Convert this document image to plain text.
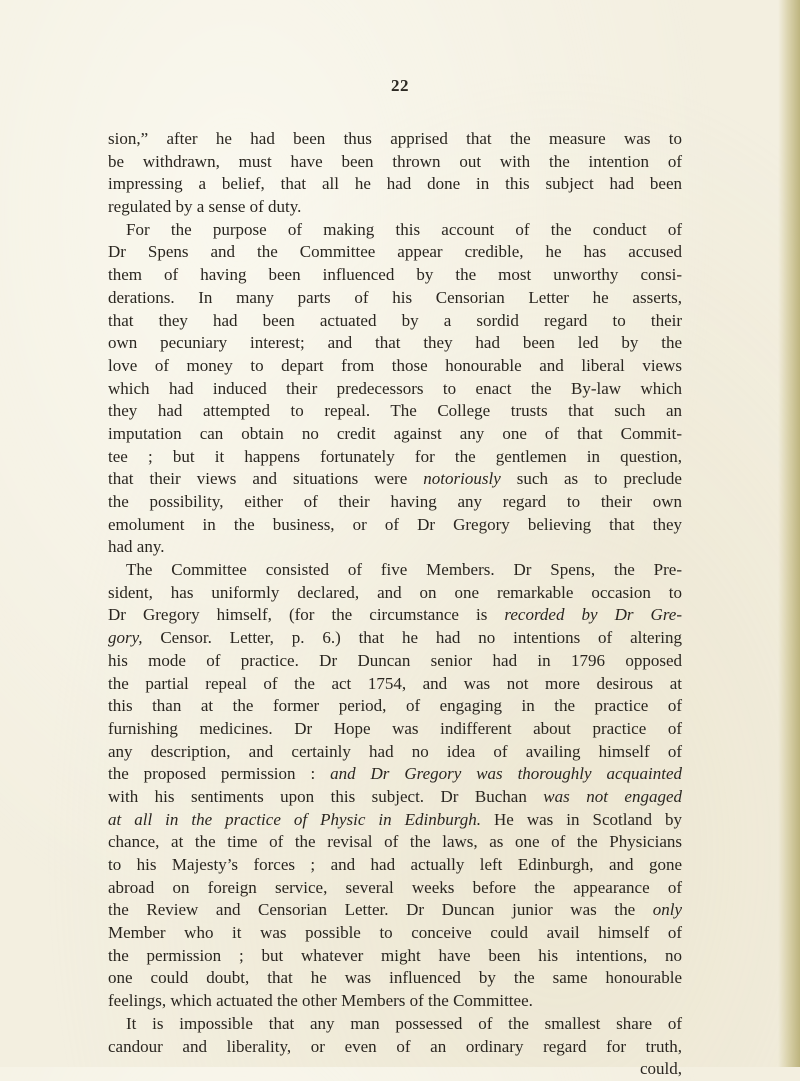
22
sion,” after he had been thus apprised that the measure was to
be withdrawn, must have been thrown out with the intention of
impressing a belief, that all he had done in this subject had been
regulated by a sense of duty.
For the purpose of making this account of the conduct of
Dr Spens and the Committee appear credible, he has accused
them of having been influenced by the most unworthy consi-
derations. In many parts of his Censorian Letter he asserts,
that they had been actuated by a sordid regard to their
own pecuniary interest; and that they had been led by the
love of money to depart from those honourable and liberal views
which had induced their predecessors to enact the By-law which
they had attempted to repeal. The College trusts that such an
imputation can obtain no credit against any one of that Commit-
tee ; but it happens fortunately for the gentlemen in question,
that their views and situations were notoriously such as to preclude
the possibility, either of their having any regard to their own
emolument in the business, or of Dr Gregory believing that they
had any.
The Committee consisted of five Members. Dr Spens, the Pre-
sident, has uniformly declared, and on one remarkable occasion to
Dr Gregory himself, (for the circumstance is recorded by Dr Gre-
gory, Censor. Letter, p. 6.) that he had no intentions of altering
his mode of practice. Dr Duncan senior had in 1796 opposed
the partial repeal of the act 1754, and was not more desirous at
this than at the former period, of engaging in the practice of
furnishing medicines. Dr Hope was indifferent about practice of
any description, and certainly had no idea of availing himself of
the proposed permission : and Dr Gregory was thoroughly acquainted
with his sentiments upon this subject. Dr Buchan was not engaged
at all in the practice of Physic in Edinburgh. He was in Scotland by
chance, at the time of the revisal of the laws, as one of the Physicians
to his Majesty’s forces ; and had actually left Edinburgh, and gone
abroad on foreign service, several weeks before the appearance of
the Review and Censorian Letter. Dr Duncan junior was the only
Member who it was possible to conceive could avail himself of
the permission ; but whatever might have been his intentions, no
one could doubt, that he was influenced by the same honourable
feelings, which actuated the other Members of the Committee.
It is impossible that any man possessed of the smallest share of
candour and liberality, or even of an ordinary regard for truth,
could,
